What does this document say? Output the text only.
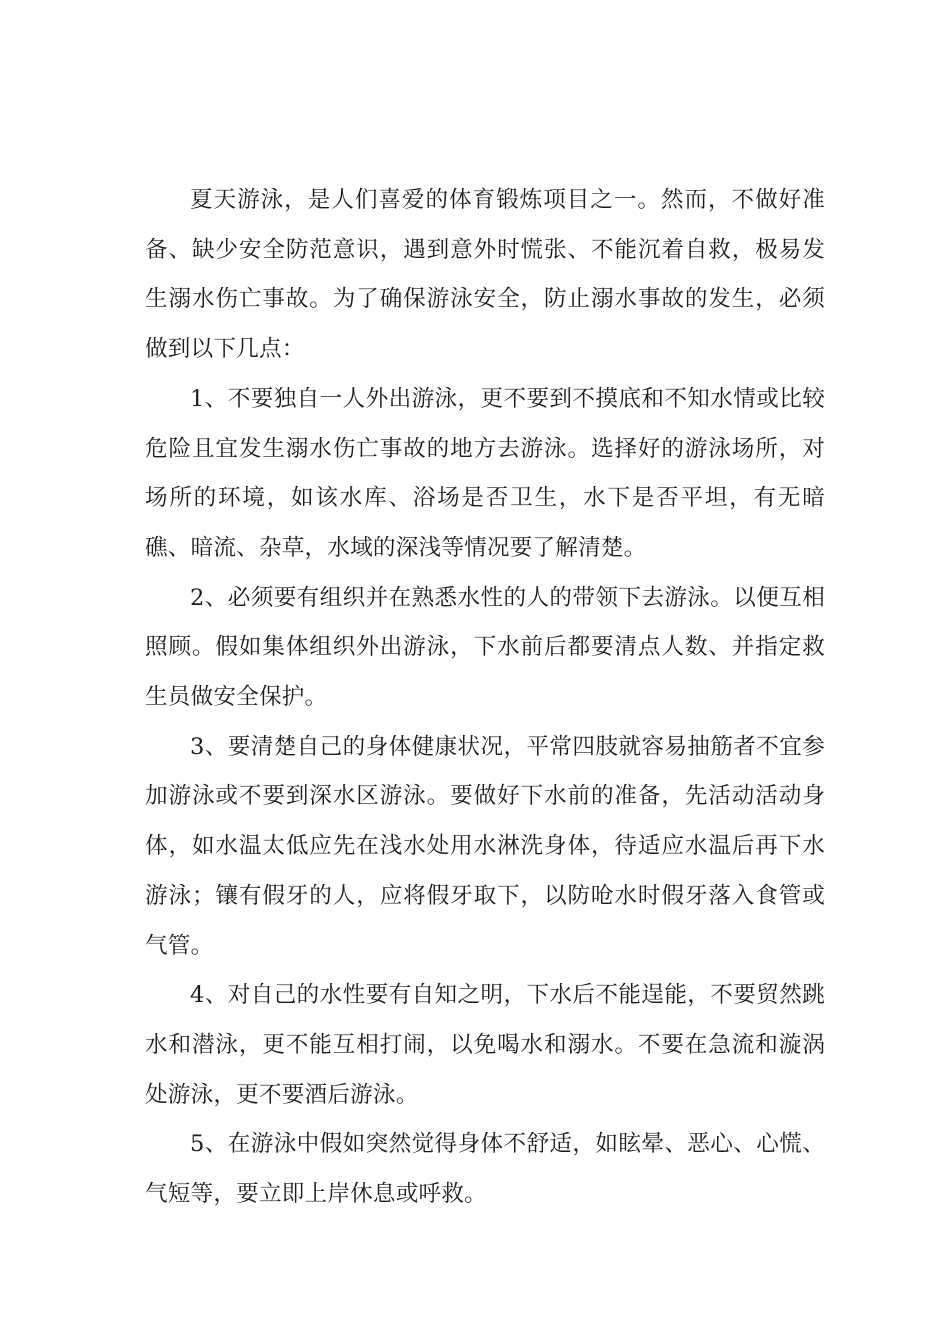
夏天游泳，是人们喜爱的体育锻炼项目之一。然而，不做好准备、缺少安全防范意识，遇到意外时慌张、不能沉着自救，极易发生溺水伤亡事故。为了确保游泳安全，防止溺水事故的发生，必须做到以下几点：

1、不要独自一人外出游泳，更不要到不摸底和不知水情或比较危险且宜发生溺水伤亡事故的地方去游泳。选择好的游泳场所，对场所的环境，如该水库、浴场是否卫生，水下是否平坦，有无暗礁、暗流、杂草，水域的深浅等情况要了解清楚。

2、必须要有组织并在熟悉水性的人的带领下去游泳。以便互相照顾。假如集体组织外出游泳，下水前后都要清点人数、并指定救生员做安全保护。

3、要清楚自己的身体健康状况，平常四肢就容易抽筋者不宜参加游泳或不要到深水区游泳。要做好下水前的准备，先活动活动身体，如水温太低应先在浅水处用水淋洗身体，待适应水温后再下水游泳；镶有假牙的人，应将假牙取下，以防呛水时假牙落入食管或气管。

4、对自己的水性要有自知之明，下水后不能逞能，不要贸然跳水和潜泳，更不能互相打闹，以免喝水和溺水。不要在急流和漩涡处游泳，更不要酒后游泳。

5、在游泳中假如突然觉得身体不舒适，如眩晕、恶心、心慌、气短等，要立即上岸休息或呼救。
